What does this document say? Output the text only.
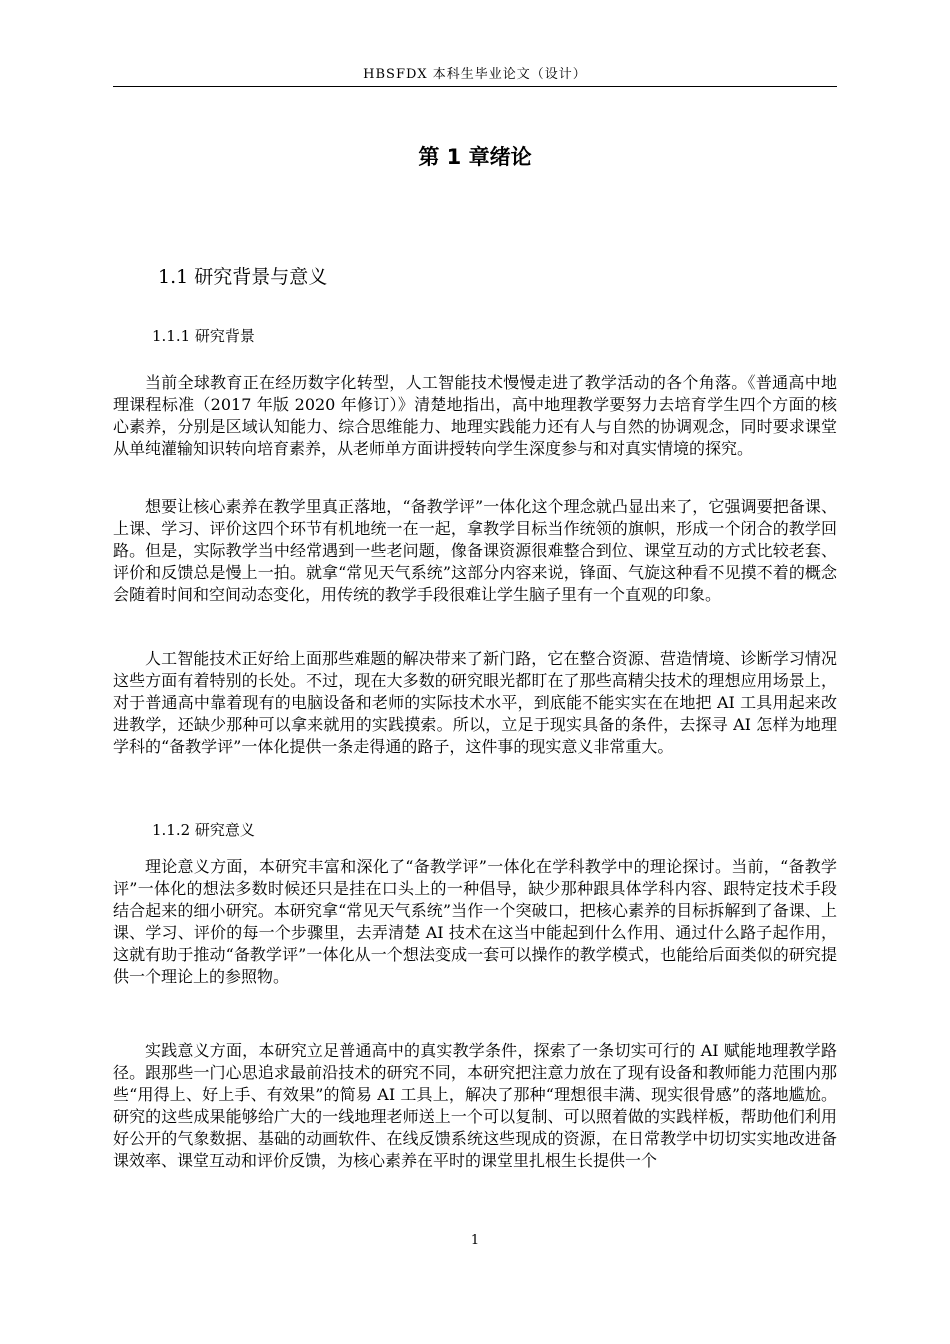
HBSFDX 本科生毕业论文（设计）
第 1 章绪论
1.1 研究背景与意义
1.1.1 研究背景

当前全球教育正在经历数字化转型，人工智能技术慢慢走进了教学活动的各个角落。《普通高中地理课程标准（2017 年版 2020 年修订）》清楚地指出，高中地理教学要努力去培育学生四个方面的核心素养，分别是区域认知能力、综合思维能力、地理实践能力还有人与自然的协调观念，同时要求课堂从单纯灌输知识转向培育素养，从老师单方面讲授转向学生深度参与和对真实情境的探究。

想要让核心素养在教学里真正落地，“备教学评”一体化这个理念就凸显出来了，它强调要把备课、上课、学习、评价这四个环节有机地统一在一起，拿教学目标当作统领的旗帜，形成一个闭合的教学回路。但是，实际教学当中经常遇到一些老问题，像备课资源很难整合到位、课堂互动的方式比较老套、评价和反馈总是慢上一拍。就拿“常见天气系统”这部分内容来说，锋面、气旋这种看不见摸不着的概念会随着时间和空间动态变化，用传统的教学手段很难让学生脑子里有一个直观的印象。

人工智能技术正好给上面那些难题的解决带来了新门路，它在整合资源、营造情境、诊断学习情况这些方面有着特别的长处。不过，现在大多数的研究眼光都盯在了那些高精尖技术的理想应用场景上，对于普通高中靠着现有的电脑设备和老师的实际技术水平，到底能不能实实在在地把 AI 工具用起来改进教学，还缺少那种可以拿来就用的实践摸索。所以，立足于现实具备的条件，去探寻 AI 怎样为地理学科的“备教学评”一体化提供一条走得通的路子，这件事的现实意义非常重大。

1.1.2 研究意义

理论意义方面，本研究丰富和深化了“备教学评”一体化在学科教学中的理论探讨。当前，“备教学评”一体化的想法多数时候还只是挂在口头上的一种倡导，缺少那种跟具体学科内容、跟特定技术手段结合起来的细小研究。本研究拿“常见天气系统”当作一个突破口，把核心素养的目标拆解到了备课、上课、学习、评价的每一个步骤里，去弄清楚 AI 技术在这当中能起到什么作用、通过什么路子起作用，这就有助于推动“备教学评”一体化从一个想法变成一套可以操作的教学模式，也能给后面类似的研究提供一个理论上的参照物。

实践意义方面，本研究立足普通高中的真实教学条件，探索了一条切实可行的 AI 赋能地理教学路径。跟那些一门心思追求最前沿技术的研究不同，本研究把注意力放在了现有设备和教师能力范围内那些“用得上、好上手、有效果”的简易 AI 工具上，解决了那种“理想很丰满、现实很骨感”的落地尴尬。研究的这些成果能够给广大的一线地理老师送上一个可以复制、可以照着做的实践样板，帮助他们利用好公开的气象数据、基础的动画软件、在线反馈系统这些现成的资源，在日常教学中切切实实地改进备课效率、课堂互动和评价反馈，为核心素养在平时的课堂里扎根生长提供一个

1
